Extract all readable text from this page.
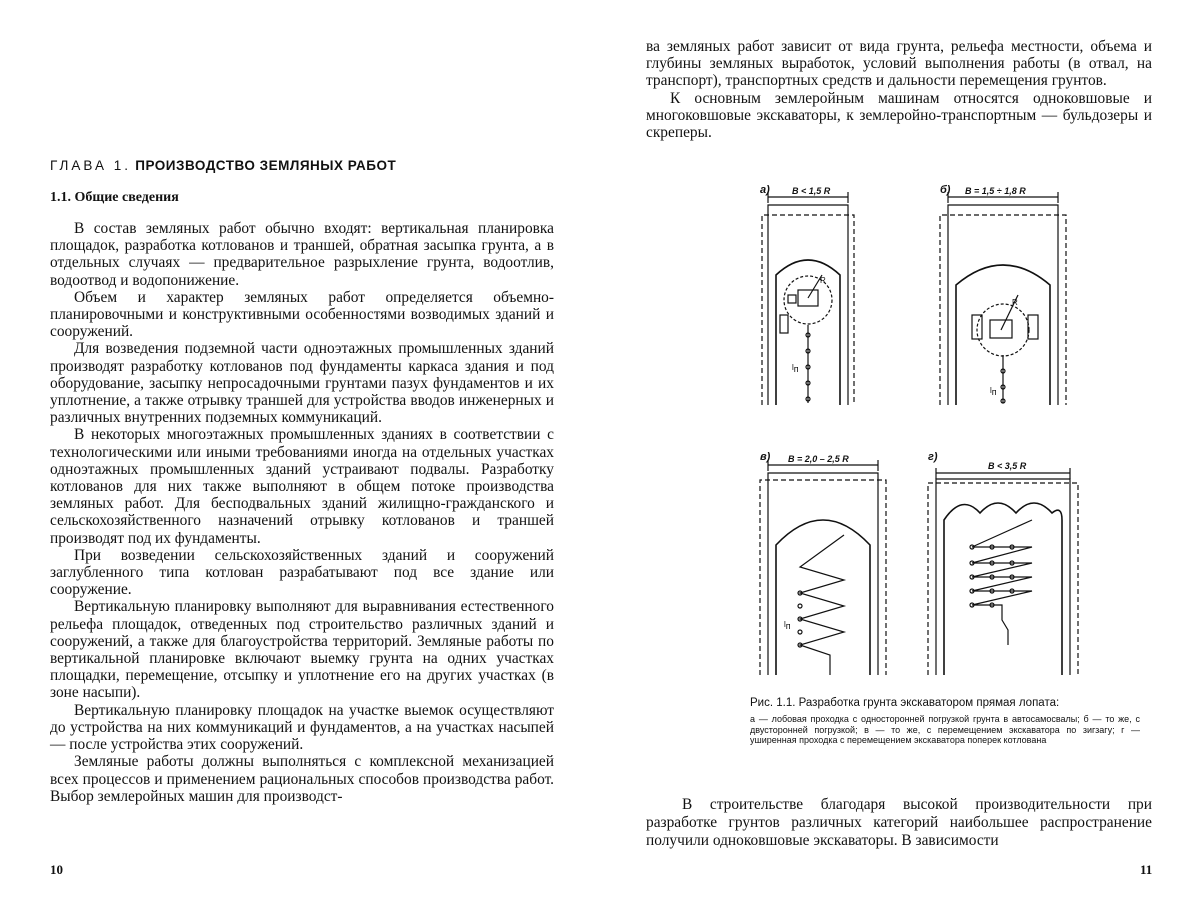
ГЛАВА 1. ПРОИЗВОДСТВО ЗЕМЛЯНЫХ РАБОТ
1.1. Общие сведения

В состав земляных работ обычно входят: вертикальная планировка площадок, разработка котлованов и траншей, обратная засыпка грунта, а в отдельных случаях — предварительное разрыхление грунта, водоотлив, водоотвод и водопонижение.

Объем и характер земляных работ определяется объемно-планировочными и конструктивными особенностями возводимых зданий и сооружений.

Для возведения подземной части одноэтажных промышленных зданий производят разработку котлованов под фундаменты каркаса здания и под оборудование, засыпку непросадочными грунтами пазух фундаментов и их уплотнение, а также отрывку траншей для устройства вводов инженерных и различных внутренних подземных коммуникаций.

В некоторых многоэтажных промышленных зданиях в соответствии с технологическими или иными требованиями иногда на отдельных участках одноэтажных промышленных зданий устраивают подвалы. Разработку котлованов для них также выполняют в общем потоке производства земляных работ. Для бесподвальных зданий жилищно-гражданского и сельскохозяйственного назначений отрывку котлованов и траншей производят под их фундаменты.

При возведении сельскохозяйственных зданий и сооружений заглубленного типа котлован разрабатывают под все здание или сооружение.

Вертикальную планировку выполняют для выравнивания естественного рельефа площадок, отведенных под строительство различных зданий и сооружений, а также для благоустройства территорий. Земляные работы по вертикальной планировке включают выемку грунта на одних участках площадки, перемещение, отсыпку и уплотнение его на других участках (в зоне насыпи).

Вертикальную планировку площадок на участке выемок осуществляют до устройства на них коммуникаций и фундаментов, а на участках насыпей — после устройства этих сооружений.

Земляные работы должны выполняться с комплексной механизацией всех процессов и применением рациональных способов производства работ. Выбор землеройных машин для производст-

10

ва земляных работ зависит от вида грунта, рельефа местности, объема и глубины земляных выработок, условий выполнения работы (в отвал, на транспорт), транспортных средств и дальности перемещения грунтов.

К основным землеройным машинам относятся одноковшовые и многоковшовые экскаваторы, к землеройно-транспортным — бульдозеры и скреперы.

а) B < 1,5 R
R
lп
б) B = 1,5 ÷ 1,8 R
R
lп
в) B = 2,0 – 2,5 R
lп
г)
B < 3,5 R

Рис. 1.1. Разработка грунта экскаватором прямая лопата:

а — лобовая проходка с односторонней погрузкой грунта в автосамосвалы; б — то же, с двусторонней погрузкой; в — то же, с перемещением экскаватора по зигзагу; г — уширенная проходка с перемещением экскаватора поперек котлована

В строительстве благодаря высокой производительности при разработке грунтов различных категорий наибольшее распространение получили одноковшовые экскаваторы. В зависимости

11
